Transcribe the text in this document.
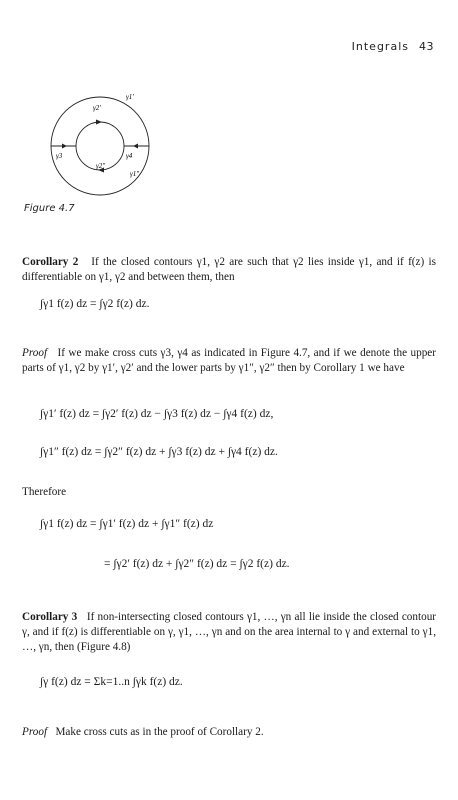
Integrals 43
γ1′
γ2′
γ3	γ4
γ2″
γ1″
Figure 4.7
Corollary 2 If the closed contours γ1, γ2 are such that γ2 lies inside γ1, and if f(z) is differentiable on γ1, γ2 and between them, then
∫γ1 f(z) dz = ∫γ2 f(z) dz.
Proof If we make cross cuts γ3, γ4 as indicated in Figure 4.7, and if we denote the upper parts of γ1, γ2 by γ1′, γ2′ and the lower parts by γ1″, γ2″ then by Corollary 1 we have
∫γ1′ f(z) dz = ∫γ2′ f(z) dz − ∫γ3 f(z) dz − ∫γ4 f(z) dz,
∫γ1″ f(z) dz = ∫γ2″ f(z) dz + ∫γ3 f(z) dz + ∫γ4 f(z) dz.
Therefore
∫γ1 f(z) dz = ∫γ1′ f(z) dz + ∫γ1″ f(z) dz
= ∫γ2′ f(z) dz + ∫γ2″ f(z) dz = ∫γ2 f(z) dz.
Corollary 3 If non-intersecting closed contours γ1, …, γn all lie inside the closed contour γ, and if f(z) is differentiable on γ, γ1, …, γn and on the area internal to γ and external to γ1, …, γn, then (Figure 4.8)
∫γ f(z) dz = Σk=1..n ∫γk f(z) dz.
Proof Make cross cuts as in the proof of Corollary 2.
